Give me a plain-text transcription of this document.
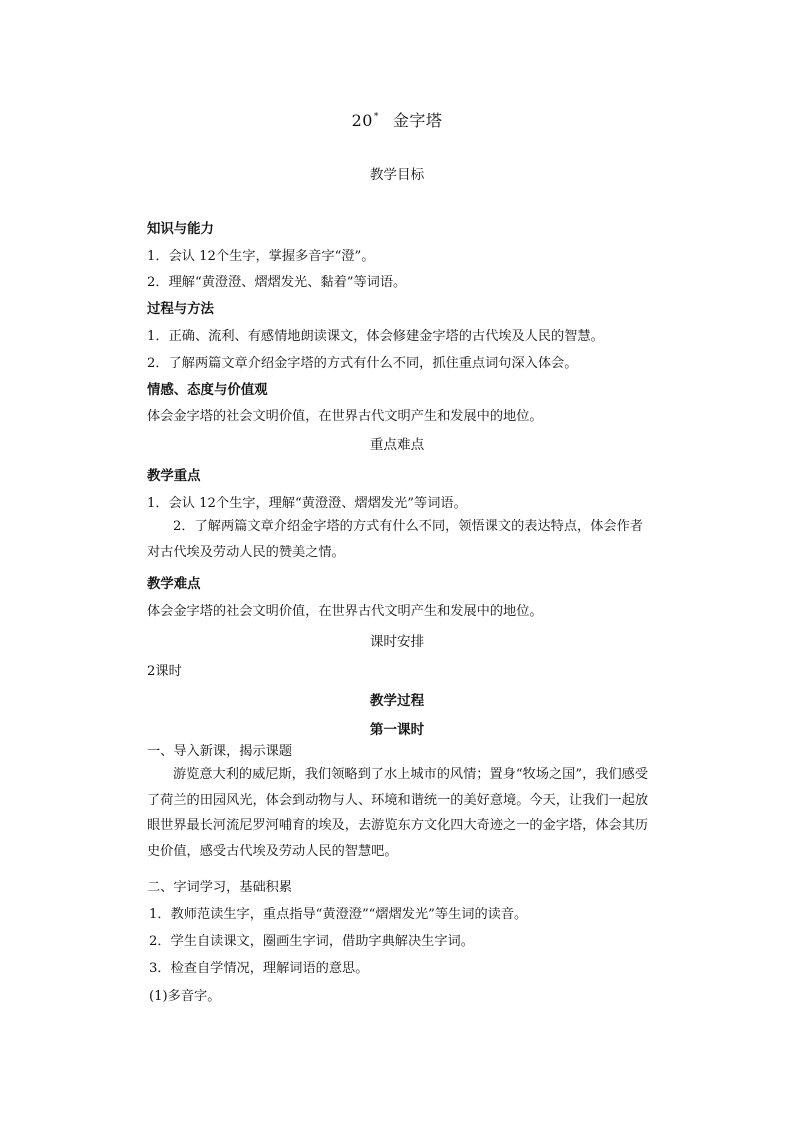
20* 金字塔
教学目标
知识与能力
1．会认 12个生字，掌握多音字“澄”。
2．理解“黄澄澄、熠熠发光、黏着”等词语。
过程与方法
1．正确、流利、有感情地朗读课文，体会修建金字塔的古代埃及人民的智慧。
2．了解两篇文章介绍金字塔的方式有什么不同，抓住重点词句深入体会。
情感、态度与价值观
体会金字塔的社会文明价值，在世界古代文明产生和发展中的地位。
重点难点
教学重点
1．会认 12个生字，理解“黄澄澄、熠熠发光”等词语。
2．了解两篇文章介绍金字塔的方式有什么不同，领悟课文的表达特点，体会作者对古代埃及劳动人民的赞美之情。
教学难点
体会金字塔的社会文明价值，在世界古代文明产生和发展中的地位。
课时安排
2课时
教学过程
第一课时
一、导入新课，揭示课题
游览意大利的威尼斯，我们领略到了水上城市的风情；置身“牧场之国”，我们感受了荷兰的田园风光，体会到动物与人、环境和谐统一的美好意境。今天，让我们一起放眼世界最长河流尼罗河哺育的埃及，去游览东方文化四大奇迹之一的金字塔，体会其历史价值，感受古代埃及劳动人民的智慧吧。
二、字词学习，基础积累
1．教师范读生字，重点指导“黄澄澄”“熠熠发光”等生词的读音。
2．学生自读课文，圈画生字词，借助字典解决生字词。
3．检查自学情况，理解词语的意思。
(1)多音字。
